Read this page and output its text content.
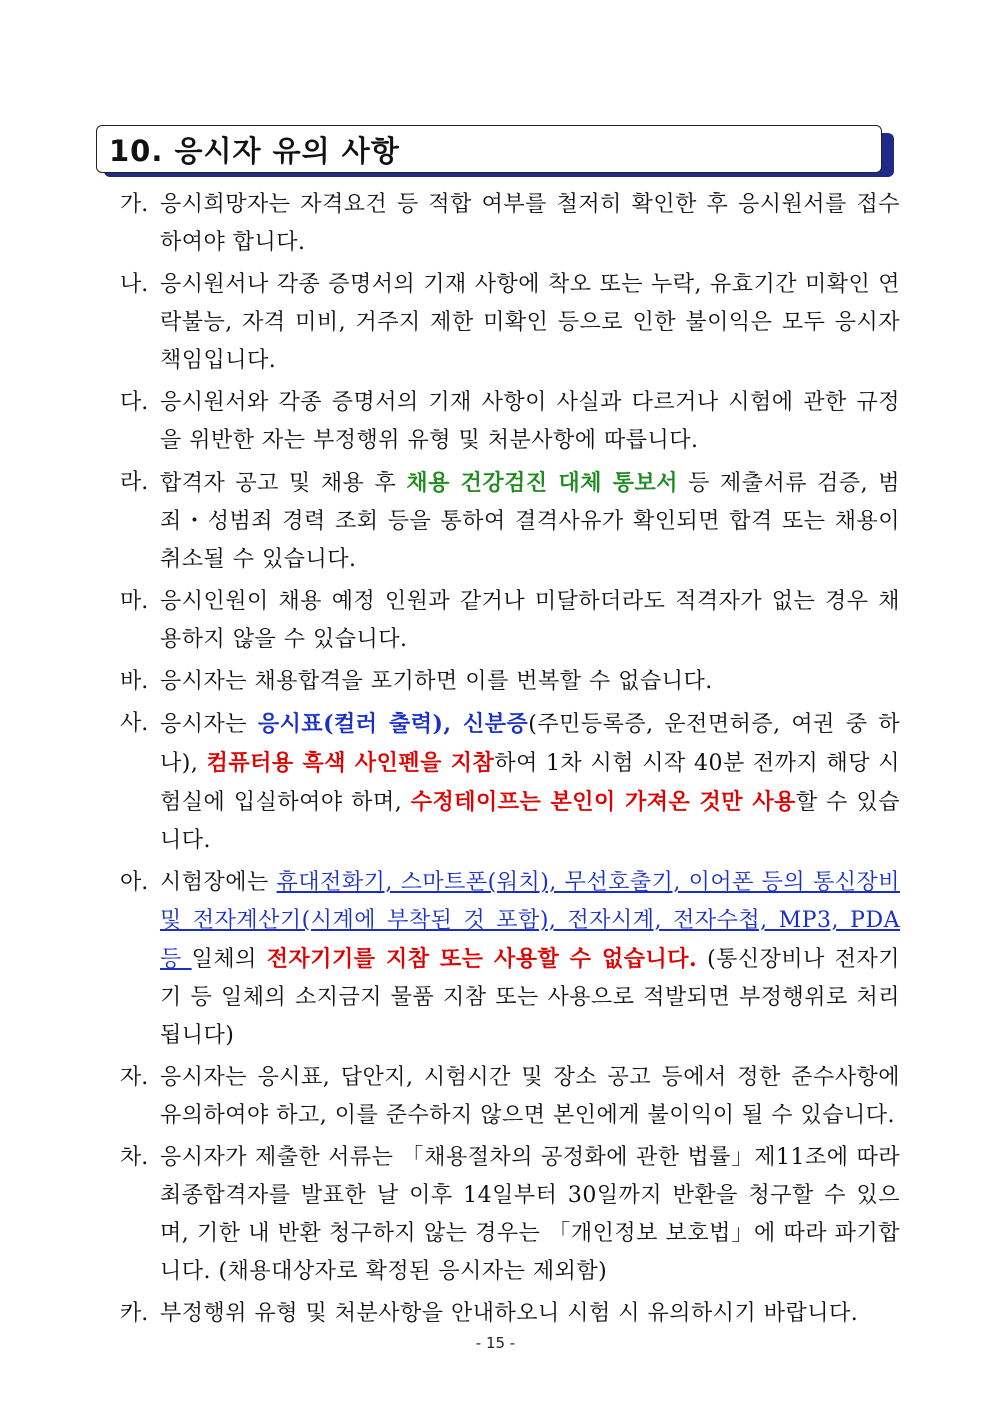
10. 응시자 유의 사항
가. 응시희망자는 자격요건 등 적합 여부를 철저히 확인한 후 응시원서를 접수하여야 합니다.
나. 응시원서나 각종 증명서의 기재 사항에 착오 또는 누락, 유효기간 미확인 연락불능, 자격 미비, 거주지 제한 미확인 등으로 인한 불이익은 모두 응시자 책임입니다.
다. 응시원서와 각종 증명서의 기재 사항이 사실과 다르거나 시험에 관한 규정을 위반한 자는 부정행위 유형 및 처분사항에 따릅니다.
라. 합격자 공고 및 채용 후 채용 건강검진 대체 통보서 등 제출서류 검증, 범죄・성범죄 경력 조회 등을 통하여 결격사유가 확인되면 합격 또는 채용이 취소될 수 있습니다.
마. 응시인원이 채용 예정 인원과 같거나 미달하더라도 적격자가 없는 경우 채용하지 않을 수 있습니다.
바. 응시자는 채용합격을 포기하면 이를 번복할 수 없습니다.
사. 응시자는 응시표(컬러 출력), 신분증(주민등록증, 운전면허증, 여권 중 하나), 컴퓨터용 흑색 사인펜을 지참하여 1차 시험 시작 40분 전까지 해당 시험실에 입실하여야 하며, 수정테이프는 본인이 가져온 것만 사용할 수 있습니다.
아. 시험장에는 휴대전화기, 스마트폰(워치), 무선호출기, 이어폰 등의 통신장비 및 전자계산기(시계에 부착된 것 포함), 전자시계, 전자수첩, MP3, PDA 등 일체의 전자기기를 지참 또는 사용할 수 없습니다. (통신장비나 전자기기 등 일체의 소지금지 물품 지참 또는 사용으로 적발되면 부정행위로 처리됩니다)
자. 응시자는 응시표, 답안지, 시험시간 및 장소 공고 등에서 정한 준수사항에 유의하여야 하고, 이를 준수하지 않으면 본인에게 불이익이 될 수 있습니다.
차. 응시자가 제출한 서류는 「채용절차의 공정화에 관한 법률」제11조에 따라 최종합격자를 발표한 날 이후 14일부터 30일까지 반환을 청구할 수 있으며, 기한 내 반환 청구하지 않는 경우는 「개인정보 보호법」에 따라 파기합니다. (채용대상자로 확정된 응시자는 제외함)
카. 부정행위 유형 및 처분사항을 안내하오니 시험 시 유의하시기 바랍니다.
- 15 -
